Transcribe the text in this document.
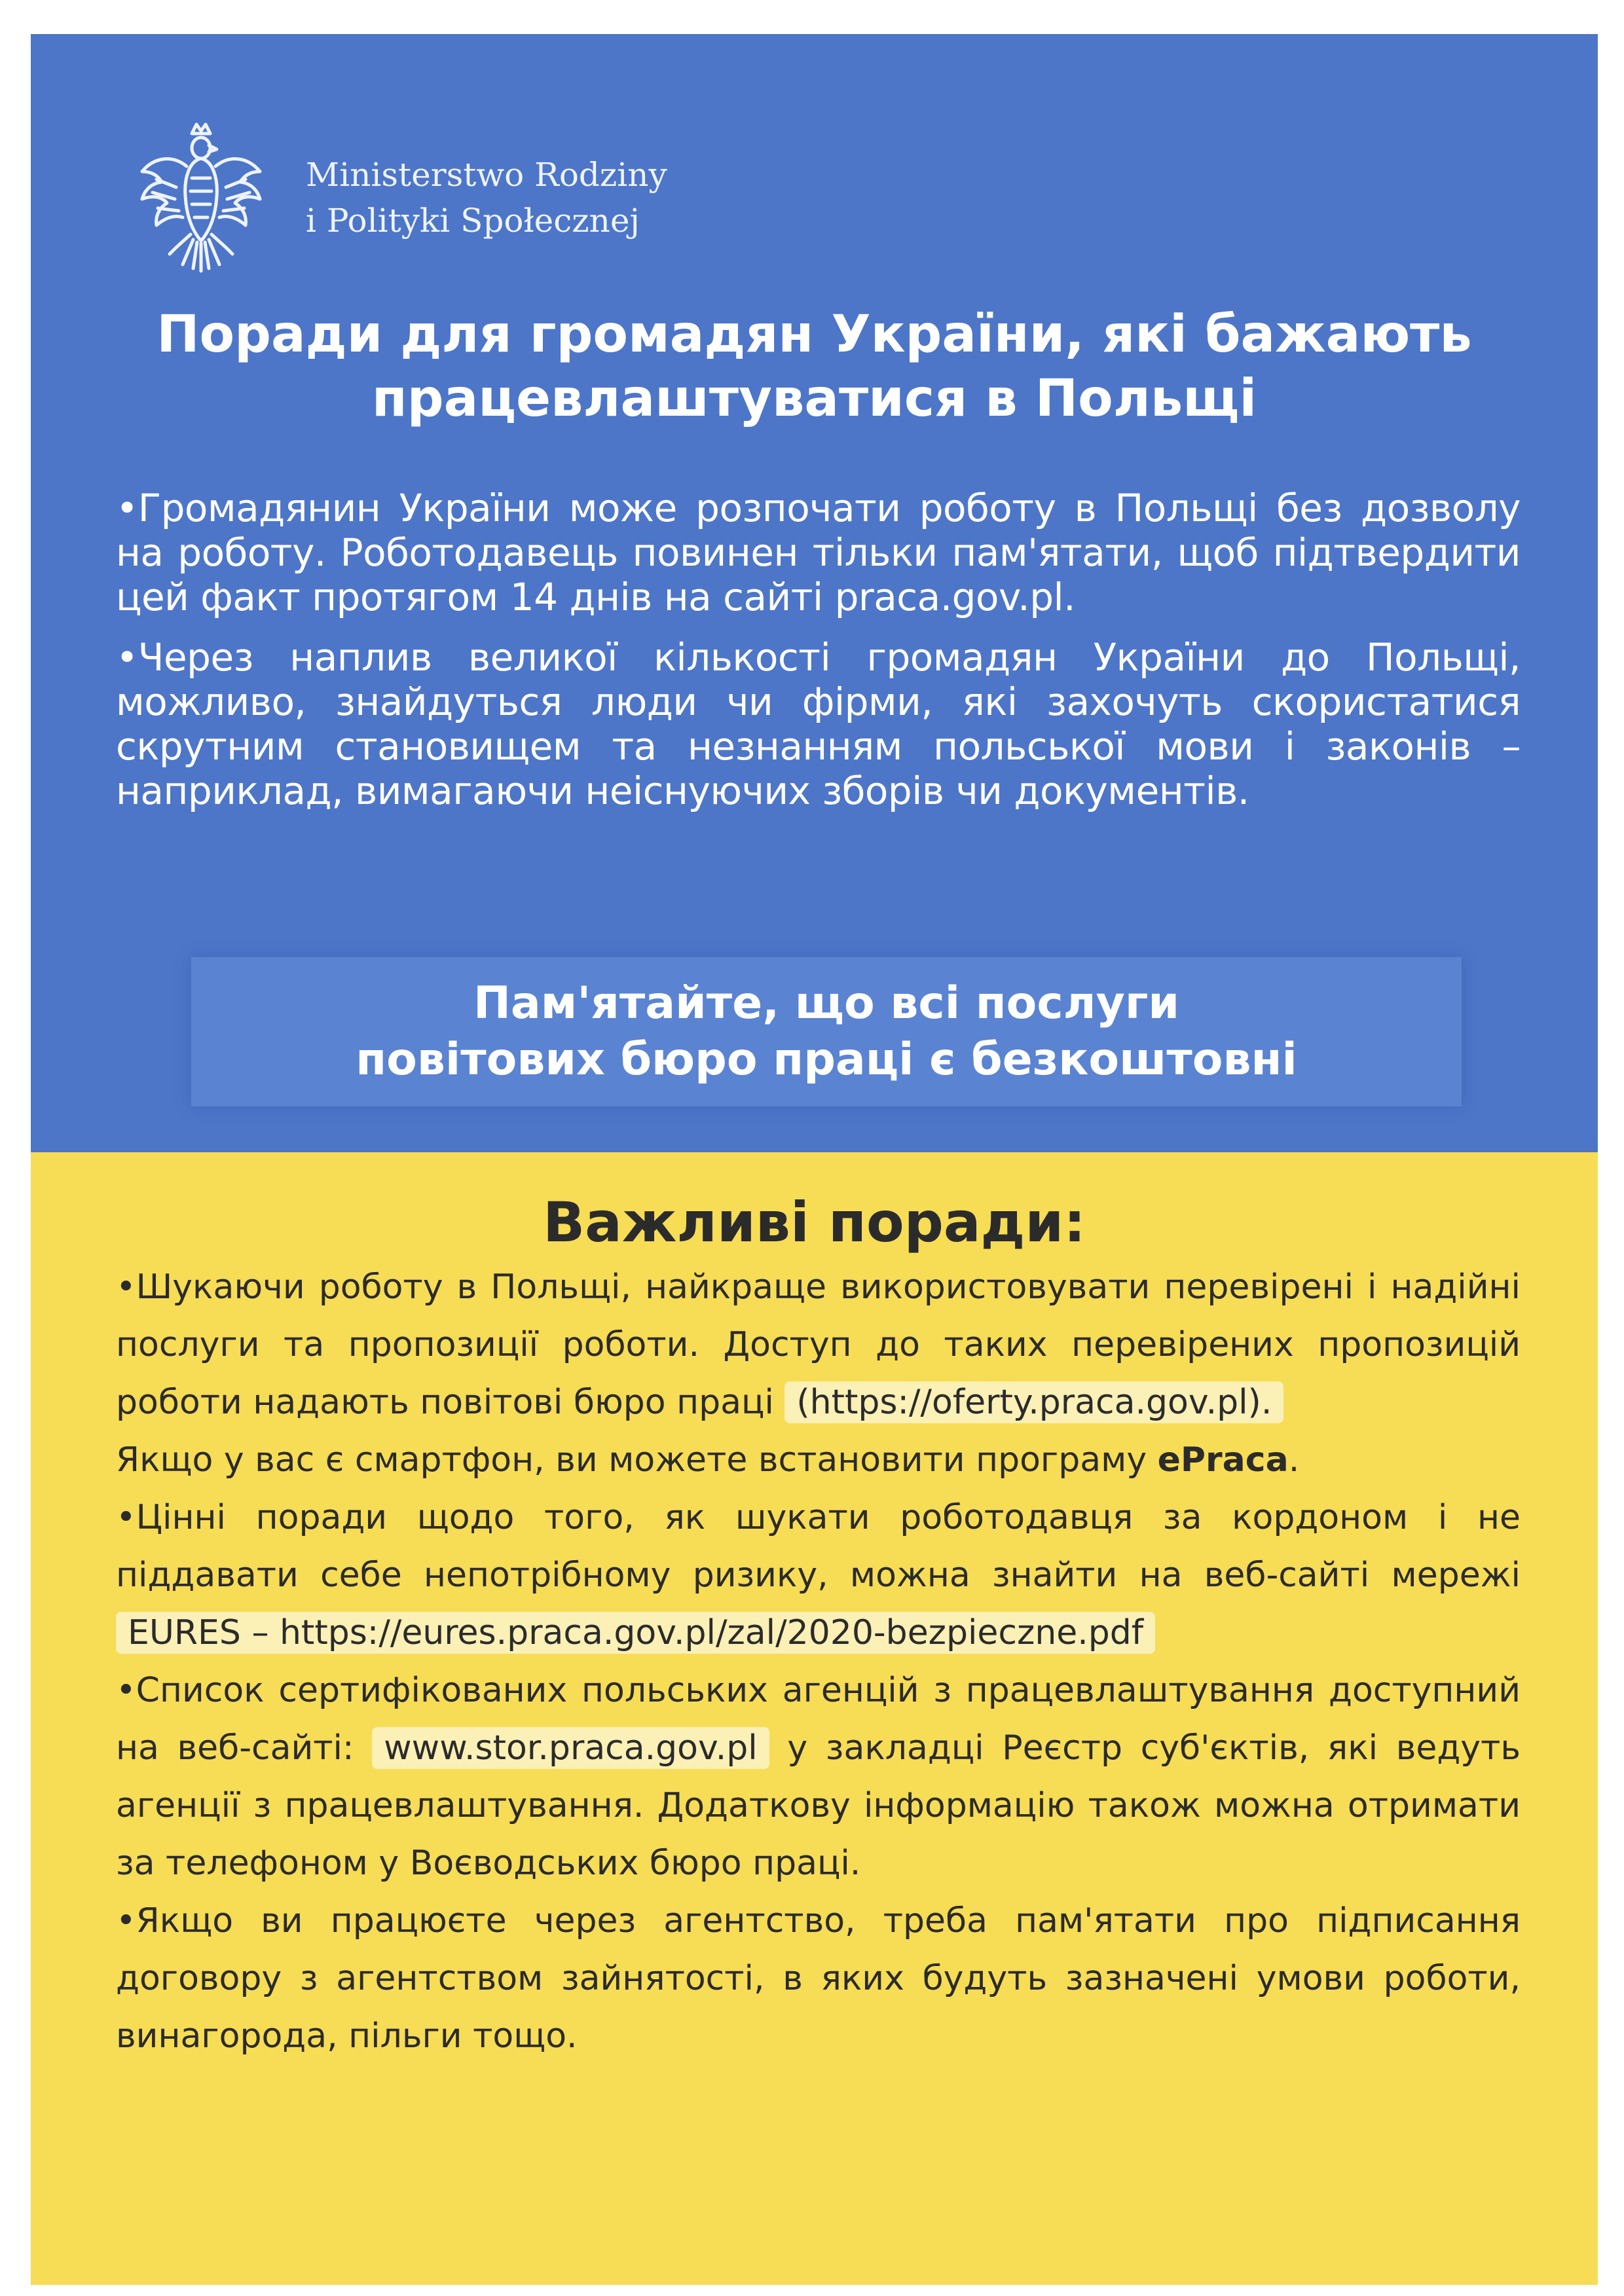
Ministerstwo Rodziny
i Polityki Społecznej
Поради для громадян України, які бажають
працевлаштуватися в Польщі

•Громадянин України може розпочати роботу в Польщі без дозволу на роботу. Роботодавець повинен тільки пам'ятати, щоб підтвердити цей факт протягом 14 днів на сайті praca.gov.pl.

•Через наплив великої кількості громадян України до Польщі, можливо, знайдуться люди чи фірми, які захочуть скористатися скрутним становищем та незнанням польської мови і законів – наприклад, вимагаючи неіснуючих зборів чи документів.

Пам'ятайте, що всі послуги
повітових бюро праці є безкоштовні
Важливі поради:

•Шукаючи роботу в Польщі, найкраще використовувати перевірені і надійні послуги та пропозиції роботи. Доступ до таких перевірених пропозицій роботи надають повітові бюро праці (https://oferty.praca.gov.pl).

Якщо у вас є смартфон, ви можете встановити програму ePraca.

•Цінні поради щодо того, як шукати роботодавця за кордоном і не піддавати себе непотрібному ризику, можна знайти на веб-сайті мережі EURES – https://eures.praca.gov.pl/zal/2020-bezpieczne.pdf

•Список сертифікованих польських агенцій з працевлаштування доступний на веб-сайті: www.stor.praca.gov.pl у закладці Реєстр суб'єктів, які ведуть агенції з працевлаштування. Додаткову інформацію також можна отримати за телефоном у Воєводських бюро праці.

•Якщо ви працюєте через агентство, треба пам'ятати про підписання договору з агентством зайнятості, в яких будуть зазначені умови роботи, винагорода, пільги тощо.
